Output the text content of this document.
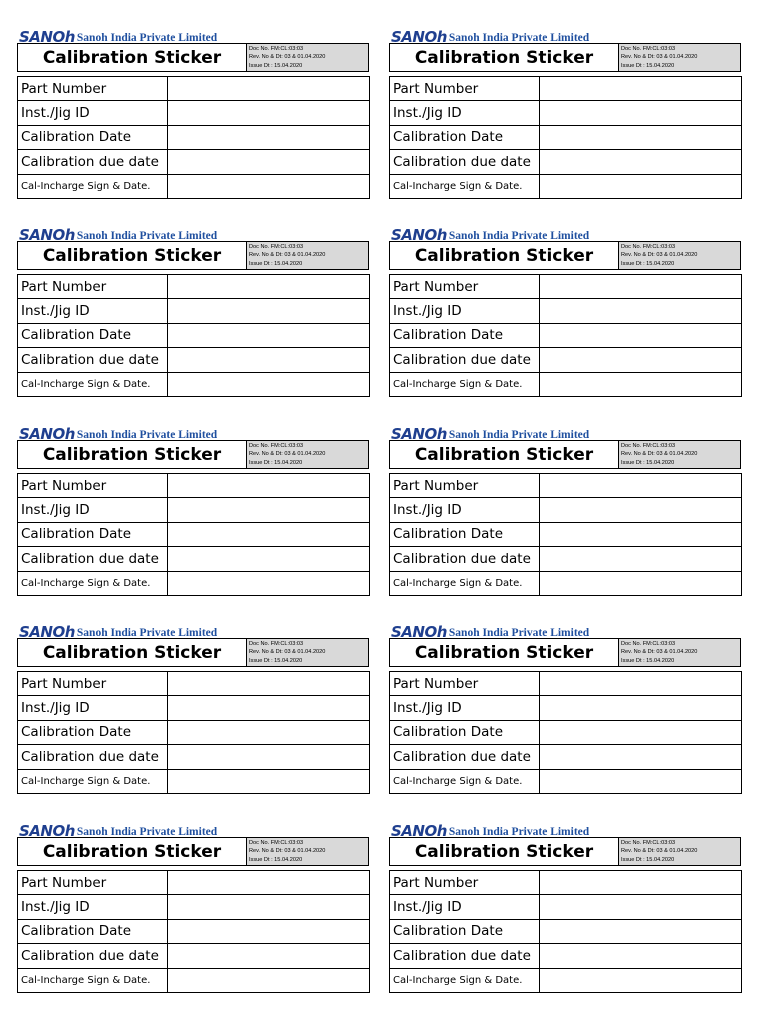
SANOh Sanoh India Private Limited
Calibration Sticker	Doc No. FM:CL:03:03
Rev. No & Dt: 03 & 01.04.2020
Issue Dt : 15.04.2020
Part Number	
Inst./Jig ID	
Calibration Date	
Calibration due date	
Cal-Incharge Sign & Date.	
SANOh Sanoh India Private Limited
Calibration Sticker	Doc No. FM:CL:03:03
Rev. No & Dt: 03 & 01.04.2020
Issue Dt : 15.04.2020
Part Number	
Inst./Jig ID	
Calibration Date	
Calibration due date	
Cal-Incharge Sign & Date.	
SANOh Sanoh India Private Limited
Calibration Sticker	Doc No. FM:CL:03:03
Rev. No & Dt: 03 & 01.04.2020
Issue Dt : 15.04.2020
Part Number	
Inst./Jig ID	
Calibration Date	
Calibration due date	
Cal-Incharge Sign & Date.	
SANOh Sanoh India Private Limited
Calibration Sticker	Doc No. FM:CL:03:03
Rev. No & Dt: 03 & 01.04.2020
Issue Dt : 15.04.2020
Part Number	
Inst./Jig ID	
Calibration Date	
Calibration due date	
Cal-Incharge Sign & Date.	
SANOh Sanoh India Private Limited
Calibration Sticker	Doc No. FM:CL:03:03
Rev. No & Dt: 03 & 01.04.2020
Issue Dt : 15.04.2020
Part Number	
Inst./Jig ID	
Calibration Date	
Calibration due date	
Cal-Incharge Sign & Date.	
SANOh Sanoh India Private Limited
Calibration Sticker	Doc No. FM:CL:03:03
Rev. No & Dt: 03 & 01.04.2020
Issue Dt : 15.04.2020
Part Number	
Inst./Jig ID	
Calibration Date	
Calibration due date	
Cal-Incharge Sign & Date.	
SANOh Sanoh India Private Limited
Calibration Sticker	Doc No. FM:CL:03:03
Rev. No & Dt: 03 & 01.04.2020
Issue Dt : 15.04.2020
Part Number	
Inst./Jig ID	
Calibration Date	
Calibration due date	
Cal-Incharge Sign & Date.	
SANOh Sanoh India Private Limited
Calibration Sticker	Doc No. FM:CL:03:03
Rev. No & Dt: 03 & 01.04.2020
Issue Dt : 15.04.2020
Part Number	
Inst./Jig ID	
Calibration Date	
Calibration due date	
Cal-Incharge Sign & Date.	
SANOh Sanoh India Private Limited
Calibration Sticker	Doc No. FM:CL:03:03
Rev. No & Dt: 03 & 01.04.2020
Issue Dt : 15.04.2020
Part Number	
Inst./Jig ID	
Calibration Date	
Calibration due date	
Cal-Incharge Sign & Date.	
SANOh Sanoh India Private Limited
Calibration Sticker	Doc No. FM:CL:03:03
Rev. No & Dt: 03 & 01.04.2020
Issue Dt : 15.04.2020
Part Number	
Inst./Jig ID	
Calibration Date	
Calibration due date	
Cal-Incharge Sign & Date.	
